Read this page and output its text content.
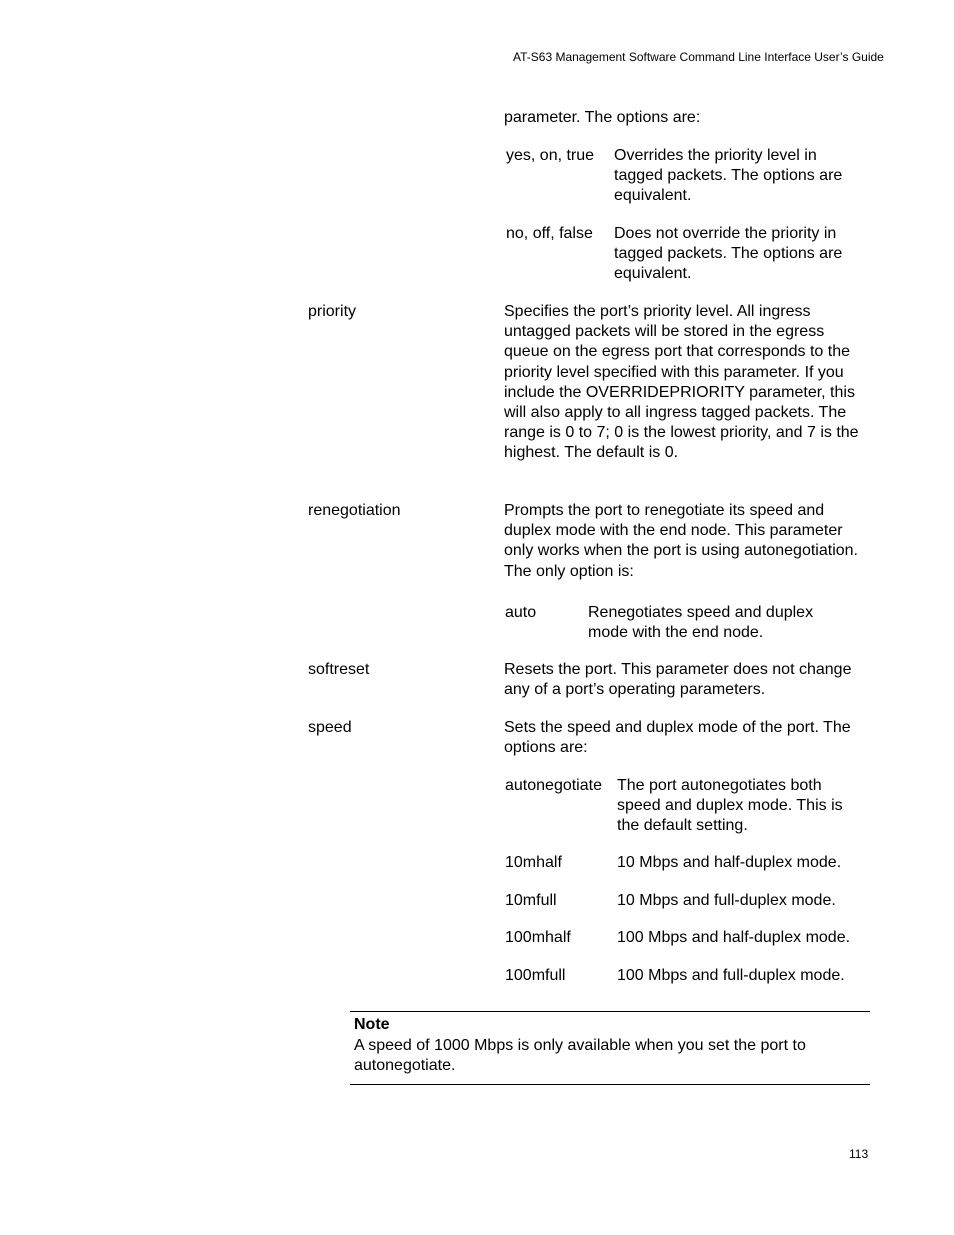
AT-S63 Management Software Command Line Interface User’s Guide
parameter. The options are:
yes, on, true Overrides the priority level in tagged packets. The options are equivalent.
no, off, false Does not override the priority in tagged packets. The options are equivalent.
priority	Specifies the port’s priority level. All ingress untagged packets will be stored in the egress queue on the egress port that corresponds to the priority level specified with this parameter. If you include the OVERRIDEPRIORITY parameter, this will also apply to all ingress tagged packets. The range is 0 to 7; 0 is the lowest priority, and 7 is the highest. The default is 0.
renegotiation	Prompts the port to renegotiate its speed and duplex mode with the end node. This parameter only works when the port is using autonegotiation. The only option is:
auto	Renegotiates speed and duplex mode with the end node.
softreset	Resets the port. This parameter does not change any of a port’s operating parameters.
speed	Sets the speed and duplex mode of the port. The options are:
autonegotiate The port autonegotiates both speed and duplex mode. This is the default setting.
10mhalf	10 Mbps and half-duplex mode.
10mfull	10 Mbps and full-duplex mode.
100mhalf	100 Mbps and half-duplex mode.
100mfull	100 Mbps and full-duplex mode.
Note
A speed of 1000 Mbps is only available when you set the port to autonegotiate.
113
